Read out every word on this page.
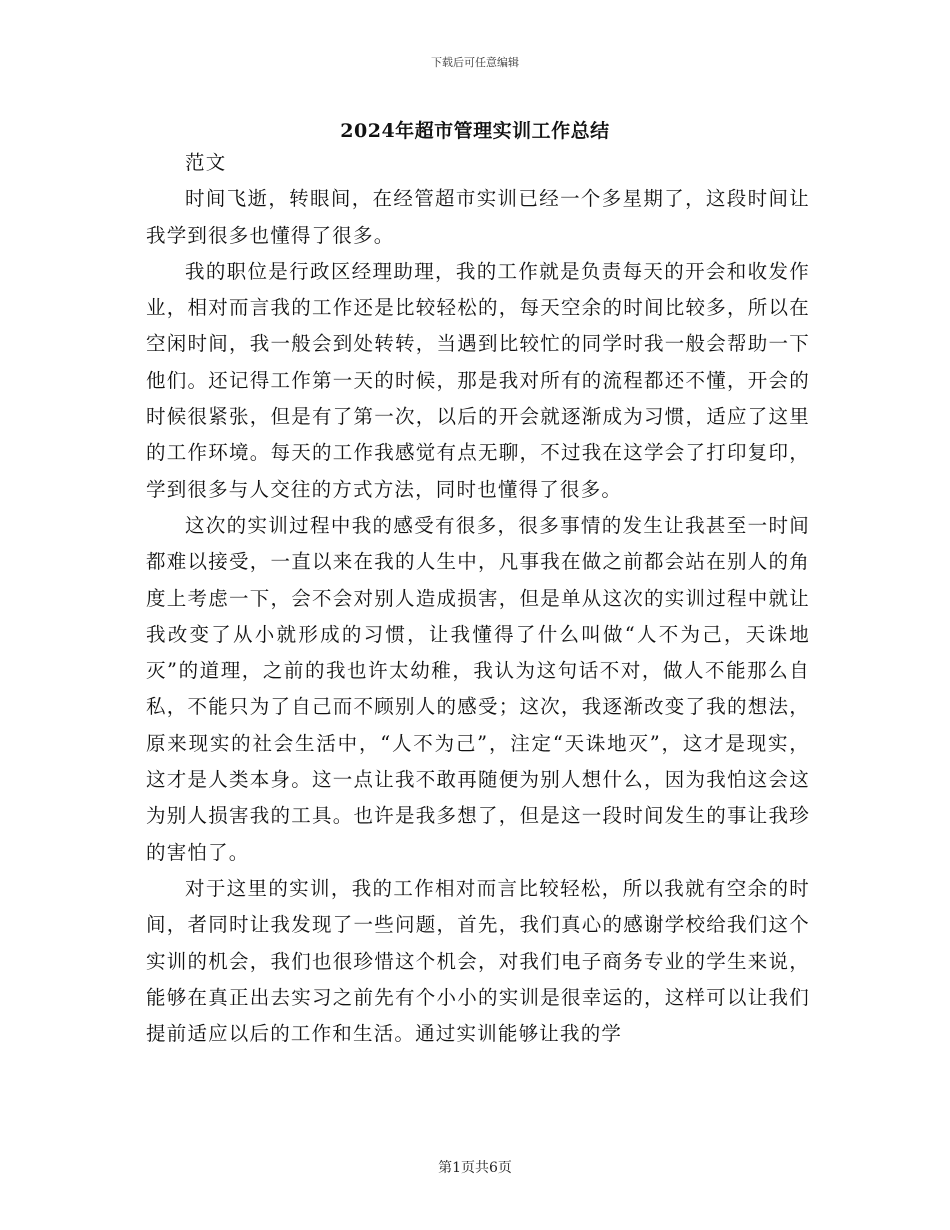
下载后可任意编辑
2024年超市管理实训工作总结

范文

时间飞逝，转眼间，在经管超市实训已经一个多星期了，这段时间让我学到很多也懂得了很多。

我的职位是行政区经理助理，我的工作就是负责每天的开会和收发作业，相对而言我的工作还是比较轻松的，每天空余的时间比较多，所以在空闲时间，我一般会到处转转，当遇到比较忙的同学时我一般会帮助一下他们。还记得工作第一天的时候，那是我对所有的流程都还不懂，开会的时候很紧张，但是有了第一次，以后的开会就逐渐成为习惯，适应了这里的工作环境。每天的工作我感觉有点无聊，不过我在这学会了打印复印，学到很多与人交往的方式方法，同时也懂得了很多。

这次的实训过程中我的感受有很多，很多事情的发生让我甚至一时间都难以接受，一直以来在我的人生中，凡事我在做之前都会站在别人的角度上考虑一下，会不会对别人造成损害，但是单从这次的实训过程中就让我改变了从小就形成的习惯，让我懂得了什么叫做“人不为己，天诛地灭”的道理，之前的我也许太幼稚，我认为这句话不对，做人不能那么自私，不能只为了自己而不顾别人的感受；这次，我逐渐改变了我的想法，原来现实的社会生活中，“人不为己”，注定“天诛地灭”，这才是现实，这才是人类本身。这一点让我不敢再随便为别人想什么，因为我怕这会这为别人损害我的工具。也许是我多想了，但是这一段时间发生的事让我珍的害怕了。

对于这里的实训，我的工作相对而言比较轻松，所以我就有空余的时间，者同时让我发现了一些问题，首先，我们真心的感谢学校给我们这个实训的机会，我们也很珍惜这个机会，对我们电子商务专业的学生来说，能够在真正出去实习之前先有个小小的实训是很幸运的，这样可以让我们提前适应以后的工作和生活。通过实训能够让我的学

第1页共6页
